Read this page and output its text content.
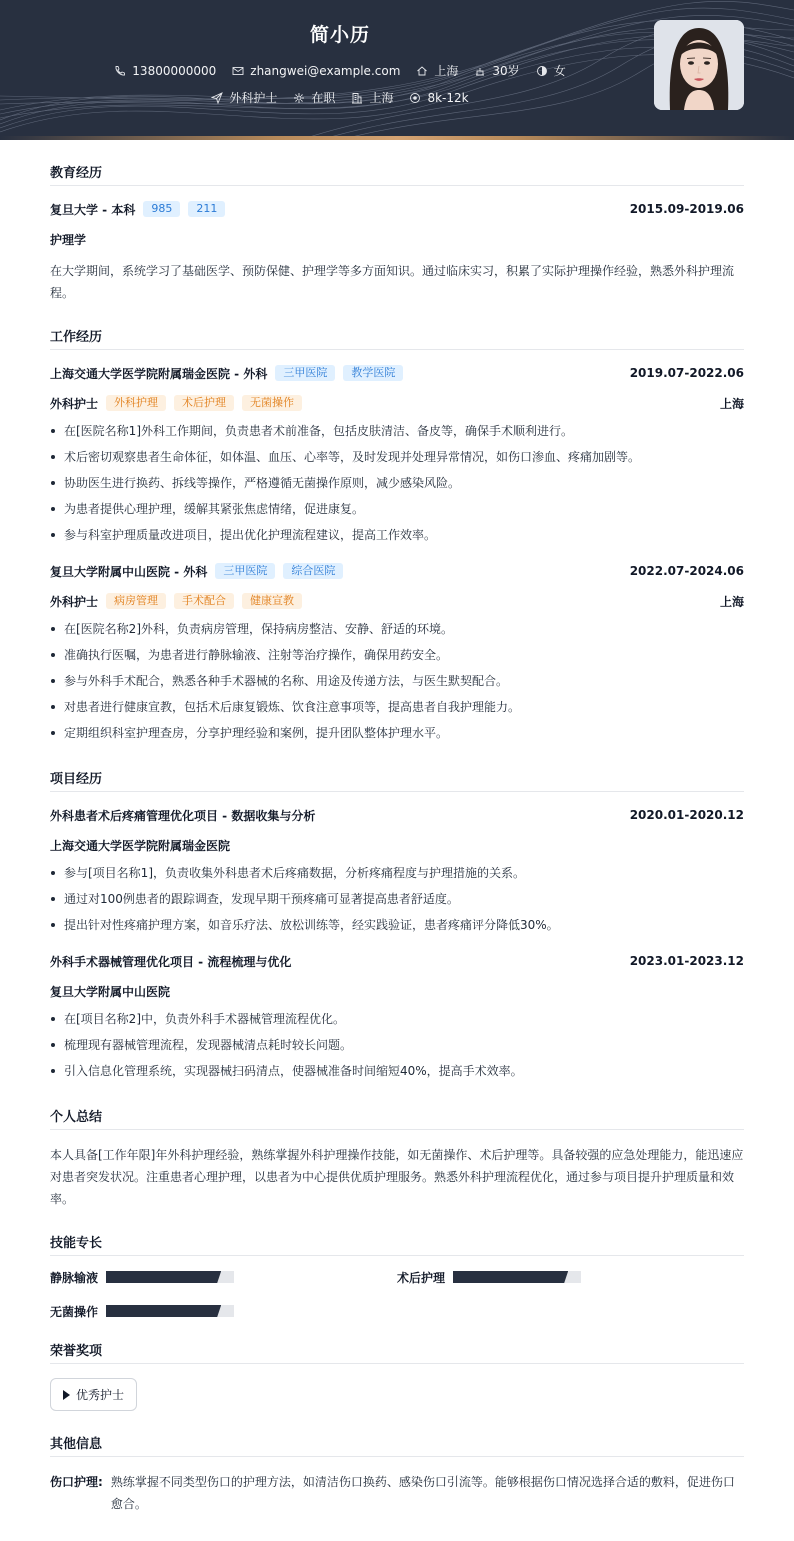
简小历
13800000000	zhangwei@example.com	上海	30岁	女
外科护士	在职	上海	8k-12k
教育经历
复旦大学 - 本科	985	211	2015.09-2019.06
护理学
在大学期间，系统学习了基础医学、预防保健、护理学等多方面知识。通过临床实习，积累了实际护理操作经验，熟悉外科护理流程。
工作经历
上海交通大学医学院附属瑞金医院 - 外科	三甲医院	教学医院	2019.07-2022.06
外科护士	外科护理	术后护理	无菌操作	上海
在[医院名称1]外科工作期间，负责患者术前准备，包括皮肤清洁、备皮等，确保手术顺利进行。
术后密切观察患者生命体征，如体温、血压、心率等，及时发现并处理异常情况，如伤口渗血、疼痛加剧等。
协助医生进行换药、拆线等操作，严格遵循无菌操作原则，减少感染风险。
为患者提供心理护理，缓解其紧张焦虑情绪，促进康复。
参与科室护理质量改进项目，提出优化护理流程建议，提高工作效率。
复旦大学附属中山医院 - 外科	三甲医院	综合医院	2022.07-2024.06
外科护士	病房管理	手术配合	健康宣教	上海
在[医院名称2]外科，负责病房管理，保持病房整洁、安静、舒适的环境。
准确执行医嘱，为患者进行静脉输液、注射等治疗操作，确保用药安全。
参与外科手术配合，熟悉各种手术器械的名称、用途及传递方法，与医生默契配合。
对患者进行健康宣教，包括术后康复锻炼、饮食注意事项等，提高患者自我护理能力。
定期组织科室护理查房，分享护理经验和案例，提升团队整体护理水平。
项目经历
外科患者术后疼痛管理优化项目 - 数据收集与分析	2020.01-2020.12
上海交通大学医学院附属瑞金医院
参与[项目名称1]，负责收集外科患者术后疼痛数据，分析疼痛程度与护理措施的关系。
通过对100例患者的跟踪调查，发现早期干预疼痛可显著提高患者舒适度。
提出针对性疼痛护理方案，如音乐疗法、放松训练等，经实践验证，患者疼痛评分降低30%。
外科手术器械管理优化项目 - 流程梳理与优化	2023.01-2023.12
复旦大学附属中山医院
在[项目名称2]中，负责外科手术器械管理流程优化。
梳理现有器械管理流程，发现器械清点耗时较长问题。
引入信息化管理系统，实现器械扫码清点，使器械准备时间缩短40%，提高手术效率。
个人总结
本人具备[工作年限]年外科护理经验，熟练掌握外科护理操作技能，如无菌操作、术后护理等。具备较强的应急处理能力，能迅速应对患者突发状况。注重患者心理护理，以患者为中心提供优质护理服务。熟悉外科护理流程优化，通过参与项目提升护理质量和效率。
技能专长
静脉输液	术后护理
无菌操作
荣誉奖项
优秀护士
其他信息
伤口护理: 熟练掌握不同类型伤口的护理方法，如清洁伤口换药、感染伤口引流等。能够根据伤口情况选择合适的敷料，促进伤口愈合。
